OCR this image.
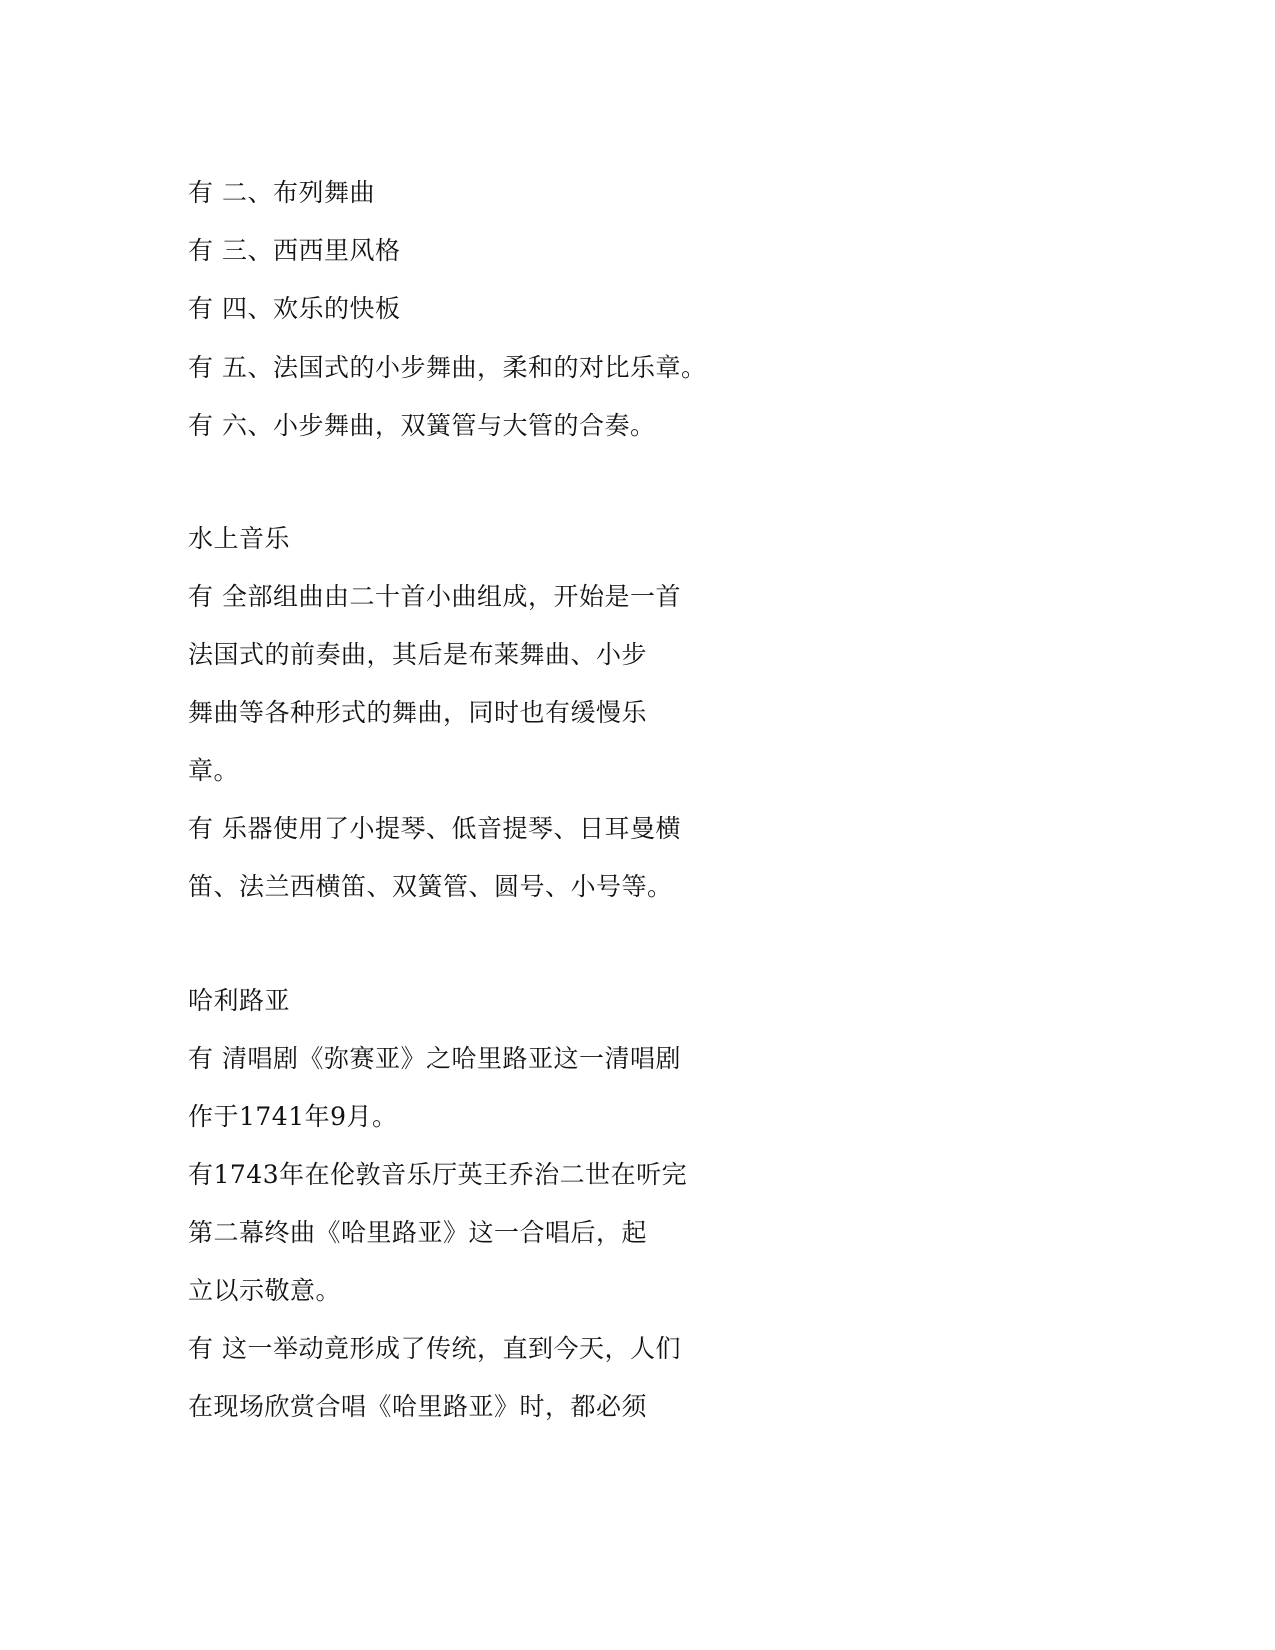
有 二、布列舞曲
有 三、西西里风格
有 四、欢乐的快板
有 五、法国式的小步舞曲，柔和的对比乐章。
有 六、小步舞曲，双簧管与大管的合奏。
水上音乐
有 全部组曲由二十首小曲组成，开始是一首
法国式的前奏曲，其后是布莱舞曲、小步
舞曲等各种形式的舞曲，同时也有缓慢乐
章。
有 乐器使用了小提琴、低音提琴、日耳曼横
笛、法兰西横笛、双簧管、圆号、小号等。
哈利路亚
有 清唱剧《弥赛亚》之哈里路亚这一清唱剧
作于1741年9月。
有1743年在伦敦音乐厅英王乔治二世在听完
第二幕终曲《哈里路亚》这一合唱后，起
立以示敬意。
有 这一举动竟形成了传统，直到今天，人们
在现场欣赏合唱《哈里路亚》时，都必须
